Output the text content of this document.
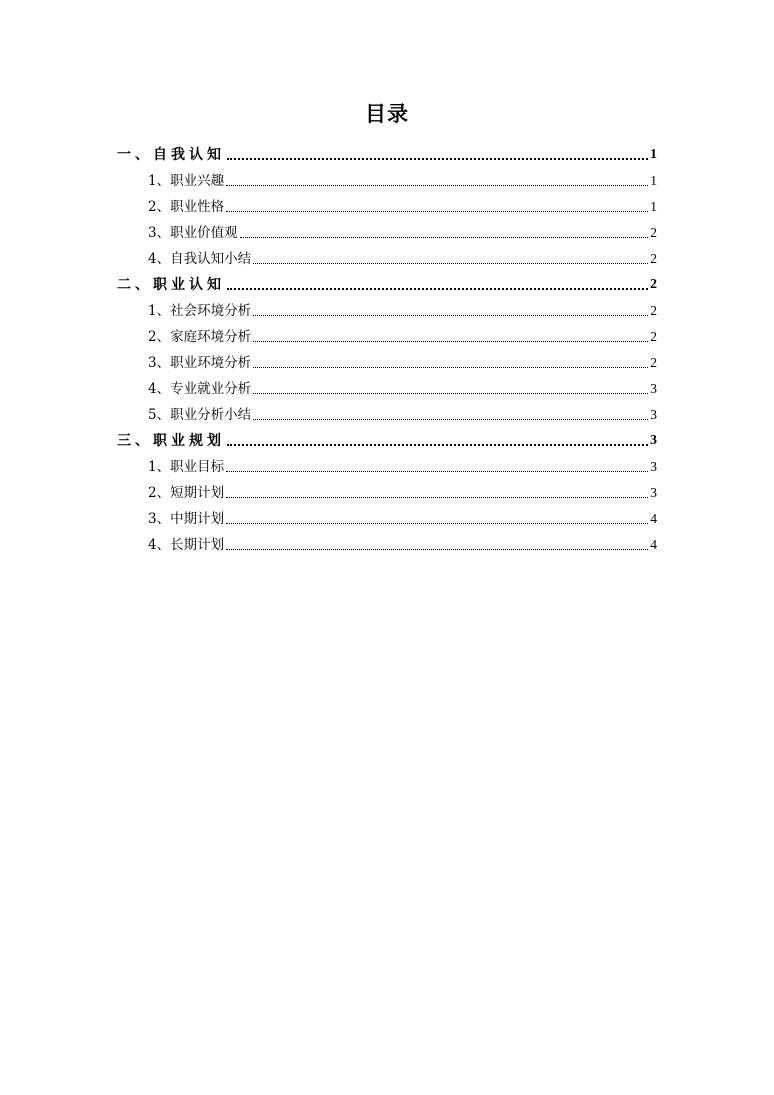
目录
一、自我认知	1
1、职业兴趣	1
2、职业性格	1
3、职业价值观	2
4、自我认知小结	2
二、职业认知	2
1、社会环境分析	2
2、家庭环境分析	2
3、职业环境分析	2
4、专业就业分析	3
5、职业分析小结	3
三、职业规划	3
1、职业目标	3
2、短期计划	3
3、中期计划	4
4、长期计划	4
